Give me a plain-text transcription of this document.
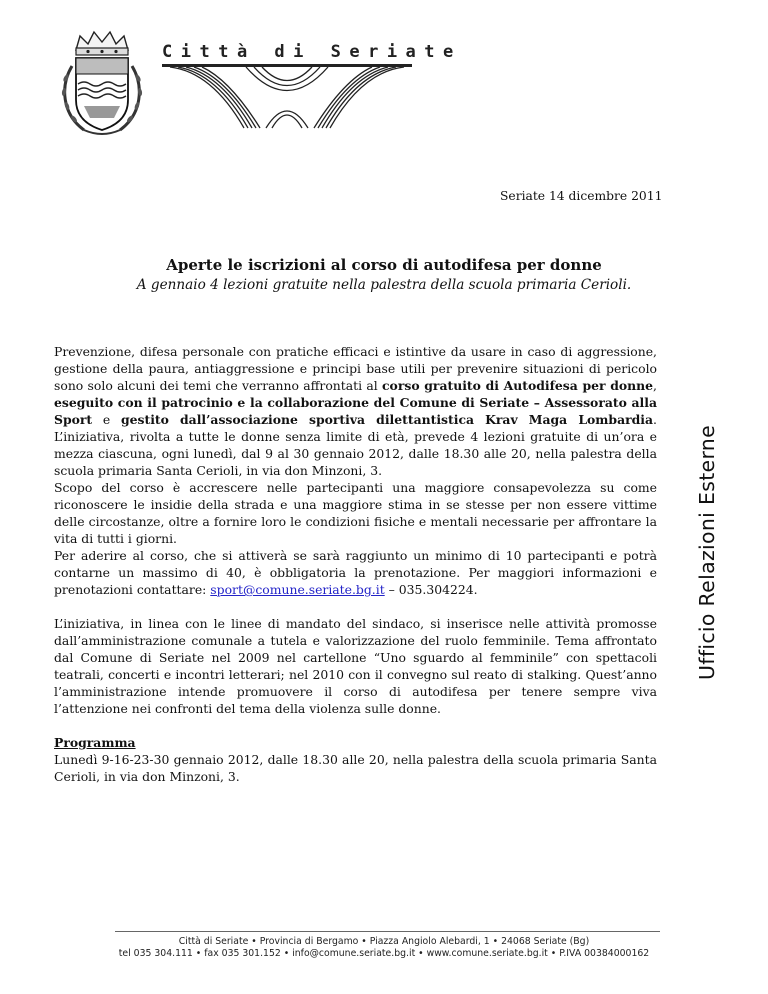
Città di Seriate
Seriate 14 dicembre 2011
Aperte le iscrizioni al corso di autodifesa per donne
A gennaio 4 lezioni gratuite nella palestra della scuola primaria Cerioli.

Prevenzione, difesa personale con pratiche efficaci e istintive da usare in caso di aggressione, gestione della paura, antiaggressione e principi base utili per prevenire situazioni di pericolo sono solo alcuni dei temi che verranno affrontati al corso gratuito di Autodifesa per donne, eseguito con il patrocinio e la collaborazione del Comune di Seriate – Assessorato alla Sport e gestito dall’associazione sportiva dilettantistica Krav Maga Lombardia. L’iniziativa, rivolta a tutte le donne senza limite di età, prevede 4 lezioni gratuite di un’ora e mezza ciascuna, ogni lunedì, dal 9 al 30 gennaio 2012, dalle 18.30 alle 20, nella palestra della scuola primaria Santa Cerioli, in via don Minzoni, 3.

Scopo del corso è accrescere nelle partecipanti una maggiore consapevolezza su come riconoscere le insidie della strada e una maggiore stima in se stesse per non essere vittime delle circostanze, oltre a fornire loro le condizioni fisiche e mentali necessarie per affrontare la vita di tutti i giorni.

Per aderire al corso, che si attiverà se sarà raggiunto un minimo di 10 partecipanti e potrà contarne un massimo di 40, è obbligatoria la prenotazione. Per maggiori informazioni e prenotazioni contattare: sport@comune.seriate.bg.it – 035.304224.

L’iniziativa, in linea con le linee di mandato del sindaco, si inserisce nelle attività promosse dall’amministrazione comunale a tutela e valorizzazione del ruolo femminile. Tema affrontato dal Comune di Seriate nel 2009 nel cartellone “Uno sguardo al femminile” con spettacoli teatrali, concerti e incontri letterari; nel 2010 con il convegno sul reato di stalking. Quest’anno l’amministrazione intende promuovere il corso di autodifesa per tenere sempre viva l’attenzione nei confronti del tema della violenza sulle donne.

Programma

Lunedì 9-16-23-30 gennaio 2012, dalle 18.30 alle 20, nella palestra della scuola primaria Santa Cerioli, in via don Minzoni, 3.

Ufficio Relazioni Esterne
Città di Seriate • Provincia di Bergamo • Piazza Angiolo Alebardi, 1 • 24068 Seriate (Bg)
tel 035 304.111 • fax 035 301.152 • info@comune.seriate.bg.it • www.comune.seriate.bg.it • P.IVA 00384000162
